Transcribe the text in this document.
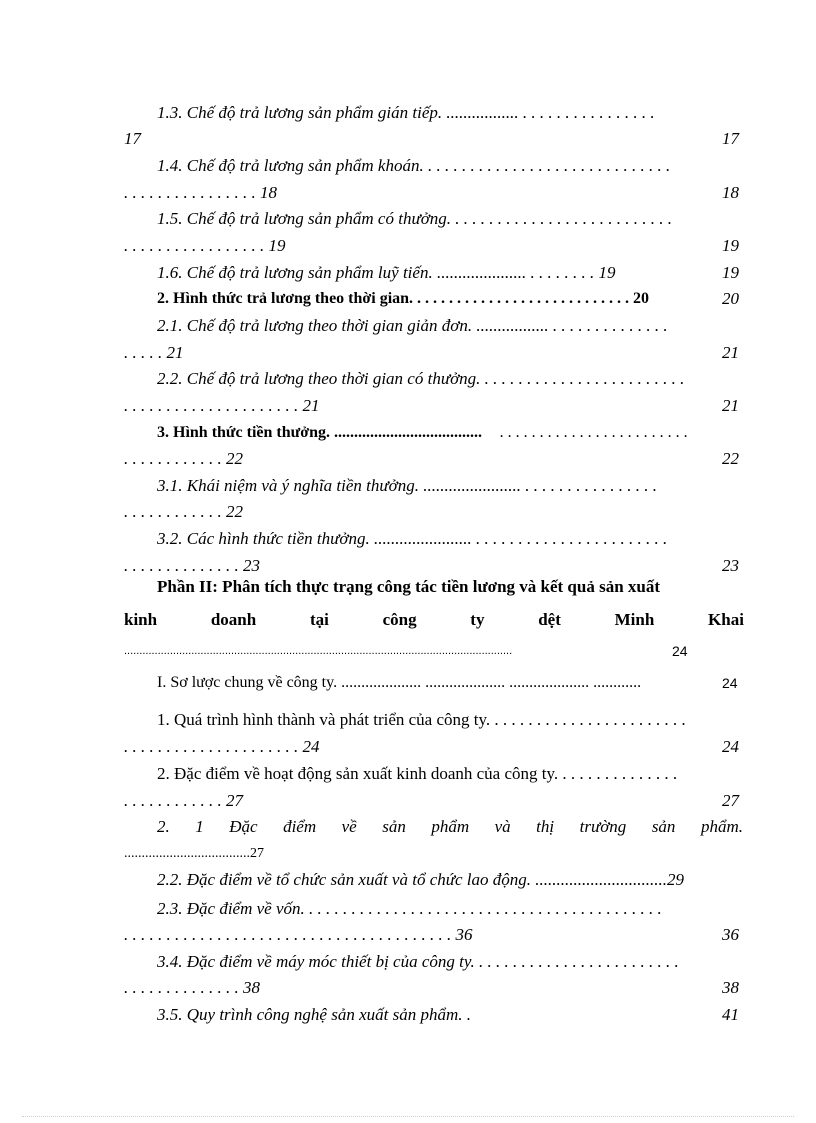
1.3. Chế độ trả lương sản phẩm gián tiếp. ................. . . . . . . . . . . . . . . . .
17	17
1.4. Chế độ trả lương sản phẩm khoán. . . . . . . . . . . . . . . . . . . . . . . . . . . . . .
. . . . . . . . . . . . . . . . 18	18
1.5. Chế độ trả lương sản phẩm có thưởng. . . . . . . . . . . . . . . . . . . . . . . . . . .
. . . . . . . . . . . . . . . . . 19	19
1.6. Chế độ trả lương sản phẩm luỹ tiến. ..................... . . . . . . . . 19	19
2. Hình thức trả lương theo thời gian. . . . . . . . . . . . . . . . . . . . . . . . . . . . 20	20
2.1. Chế độ trả lương theo thời gian giản đơn. ................. . . . . . . . . . . . . . .
. . . . . 21	21
2.2. Chế độ trả lương theo thời gian có thưởng. . . . . . . . . . . . . . . . . . . . . . . . .
. . . . . . . . . . . . . . . . . . . . . 21	21
3. Hình thức tiền thưởng. ..................................... . . . . . . . . . . . . . . . . . . . . . . . .
. . . . . . . . . . . . 22	22
3.1. Khái niệm và ý nghĩa tiền thưởng. ....................... . . . . . . . . . . . . . . . .
. . . . . . . . . . . . 22
3.2. Các hình thức tiền thưởng. ....................... . . . . . . . . . . . . . . . . . . . . . . .
. . . . . . . . . . . . . . 23	23
Phần II: Phân tích thực trạng công tác tiền lương và kết quả sản xuất
kinh	doanh	tại	công	ty	dệt	Minh	Khai
...............................................................................................................................	24
I. Sơ lược chung về công ty. .................... .................... .................... ............	24
1. Quá trình hình thành và phát triển của công ty. . . . . . . . . . . . . . . . . . . . . . . .
. . . . . . . . . . . . . . . . . . . . . 24	24
2. Đặc điểm về hoạt động sản xuất kinh doanh của công ty. . . . . . . . . . . . . . .
. . . . . . . . . . . . 27	27
2. 1 Đặc điểm về sản phẩm và thị trường sản phẩm.
....................................27
2.2. Đặc điểm về tổ chức sản xuất và tổ chức lao động. ...............................29
2.3. Đặc điểm về vốn. . . . . . . . . . . . . . . . . . . . . . . . . . . . . . . . . . . . . . . . . . .
. . . . . . . . . . . . . . . . . . . . . . . . . . . . . . . . . . . . . . . 36	36
3.4. Đặc điểm về máy móc thiết bị của công ty. . . . . . . . . . . . . . . . . . . . . . . . .
. . . . . . . . . . . . . . 38	38
3.5. Quy trình công nghệ sản xuất sản phẩm. .	41
